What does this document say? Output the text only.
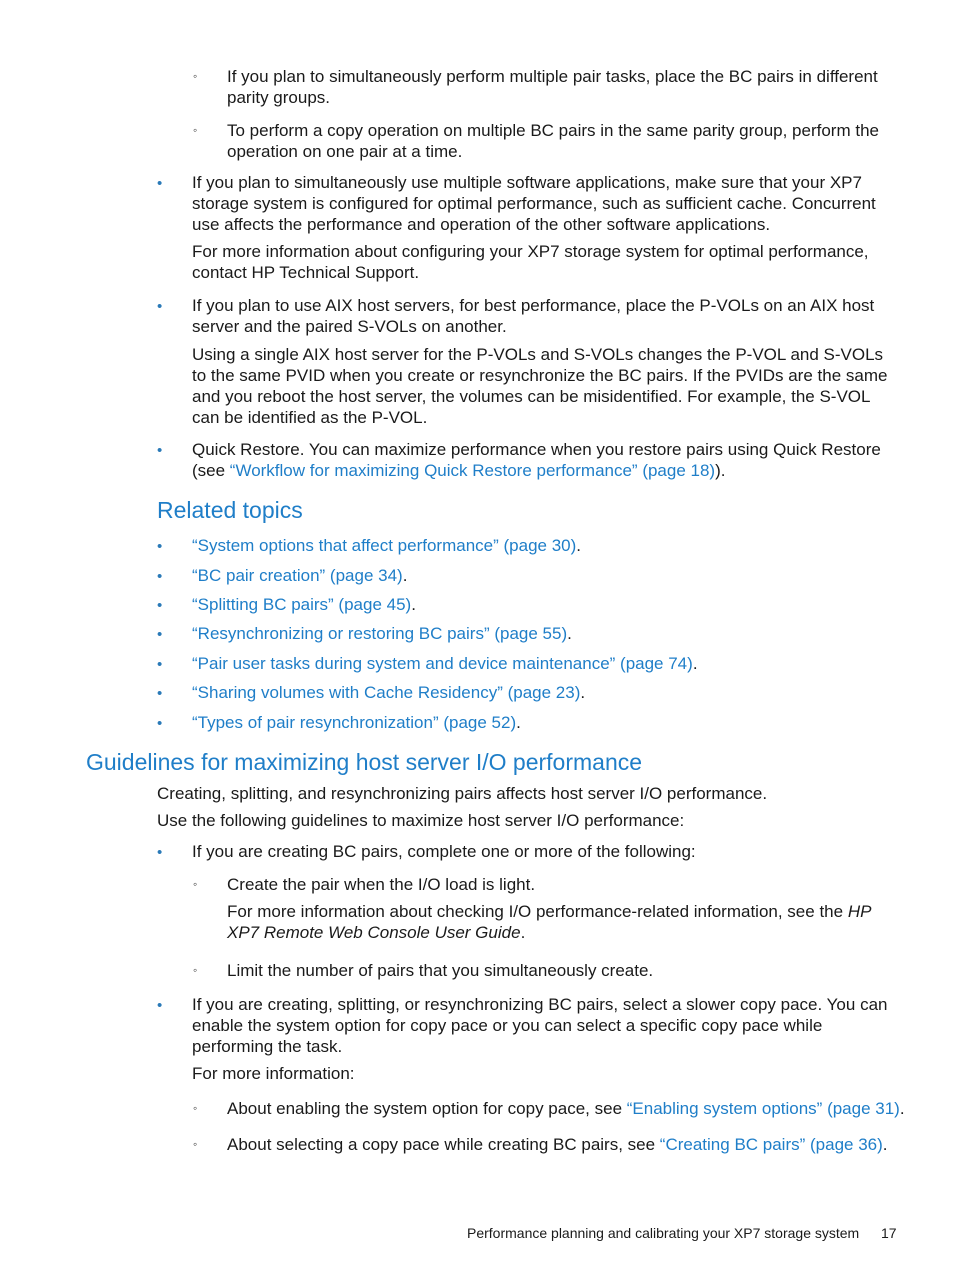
◦ If you plan to simultaneously perform multiple pair tasks, place the BC pairs in different parity groups.

◦ To perform a copy operation on multiple BC pairs in the same parity group, perform the operation on one pair at a time.

• If you plan to simultaneously use multiple software applications, make sure that your XP7 storage system is configured for optimal performance, such as sufficient cache. Concurrent use affects the performance and operation of the other software applications.

For more information about configuring your XP7 storage system for optimal performance, contact HP Technical Support.

• If you plan to use AIX host servers, for best performance, place the P-VOLs on an AIX host server and the paired S-VOLs on another.

Using a single AIX host server for the P-VOLs and S-VOLs changes the P-VOL and S-VOLs to the same PVID when you create or resynchronize the BC pairs. If the PVIDs are the same and you reboot the host server, the volumes can be misidentified. For example, the S-VOL can be identified as the P-VOL.

• Quick Restore. You can maximize performance when you restore pairs using Quick Restore (see “Workflow for maximizing Quick Restore performance” (page 18)).

Related topics
• “System options that affect performance” (page 30).

• “BC pair creation” (page 34).

• “Splitting BC pairs” (page 45).

• “Resynchronizing or restoring BC pairs” (page 55).

• “Pair user tasks during system and device maintenance” (page 74).

• “Sharing volumes with Cache Residency” (page 23).

• “Types of pair resynchronization” (page 52).

Guidelines for maximizing host server I/O performance

Creating, splitting, and resynchronizing pairs affects host server I/O performance.

Use the following guidelines to maximize host server I/O performance:

• If you are creating BC pairs, complete one or more of the following:

◦ Create the pair when the I/O load is light.

For more information about checking I/O performance-related information, see the HP XP7 Remote Web Console User Guide.

◦ Limit the number of pairs that you simultaneously create.

• If you are creating, splitting, or resynchronizing BC pairs, select a slower copy pace. You can enable the system option for copy pace or you can select a specific copy pace while performing the task.

For more information:

◦ About enabling the system option for copy pace, see “Enabling system options” (page 31).

◦ About selecting a copy pace while creating BC pairs, see “Creating BC pairs” (page 36).

Performance planning and calibrating your XP7 storage system 17
